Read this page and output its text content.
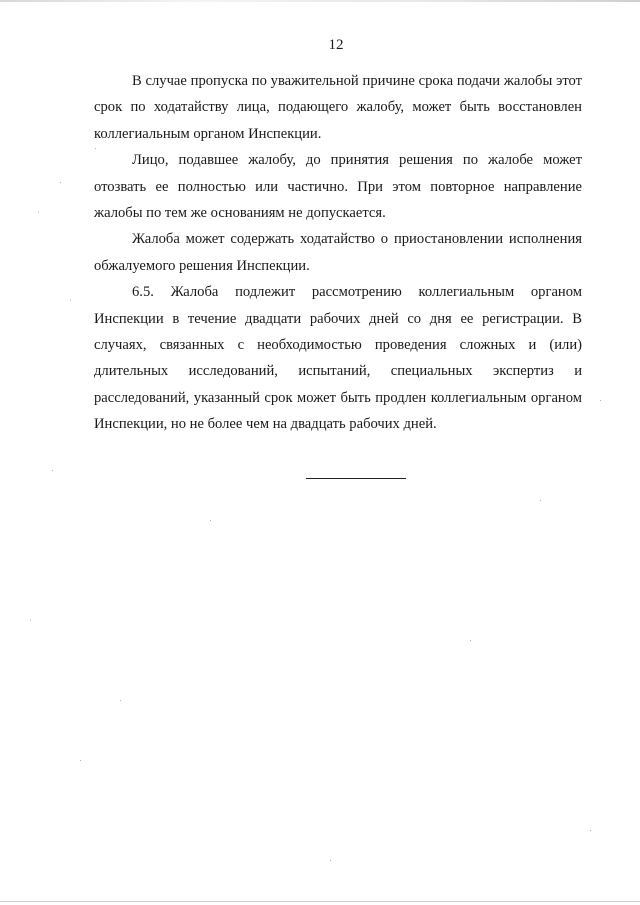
12

В случае пропуска по уважительной причине срока подачи жалобы этот срок по ходатайству лица, подающего жалобу, может быть восстановлен коллегиальным органом Инспекции.

Лицо, подавшее жалобу, до принятия решения по жалобе может отозвать ее полностью или частично. При этом повторное направление жалобы по тем же основаниям не допускается.

Жалоба может содержать ходатайство о приостановлении исполнения обжалуемого решения Инспекции.

6.5. Жалоба подлежит рассмотрению коллегиальным органом Инспекции в течение двадцати рабочих дней со дня ее регистрации. В случаях, связанных с необходимостью проведения сложных и (или) длительных исследований, испытаний, специальных экспертиз и расследований, указанный срок может быть продлен коллегиальным органом Инспекции, но не более чем на двадцать рабочих дней.
